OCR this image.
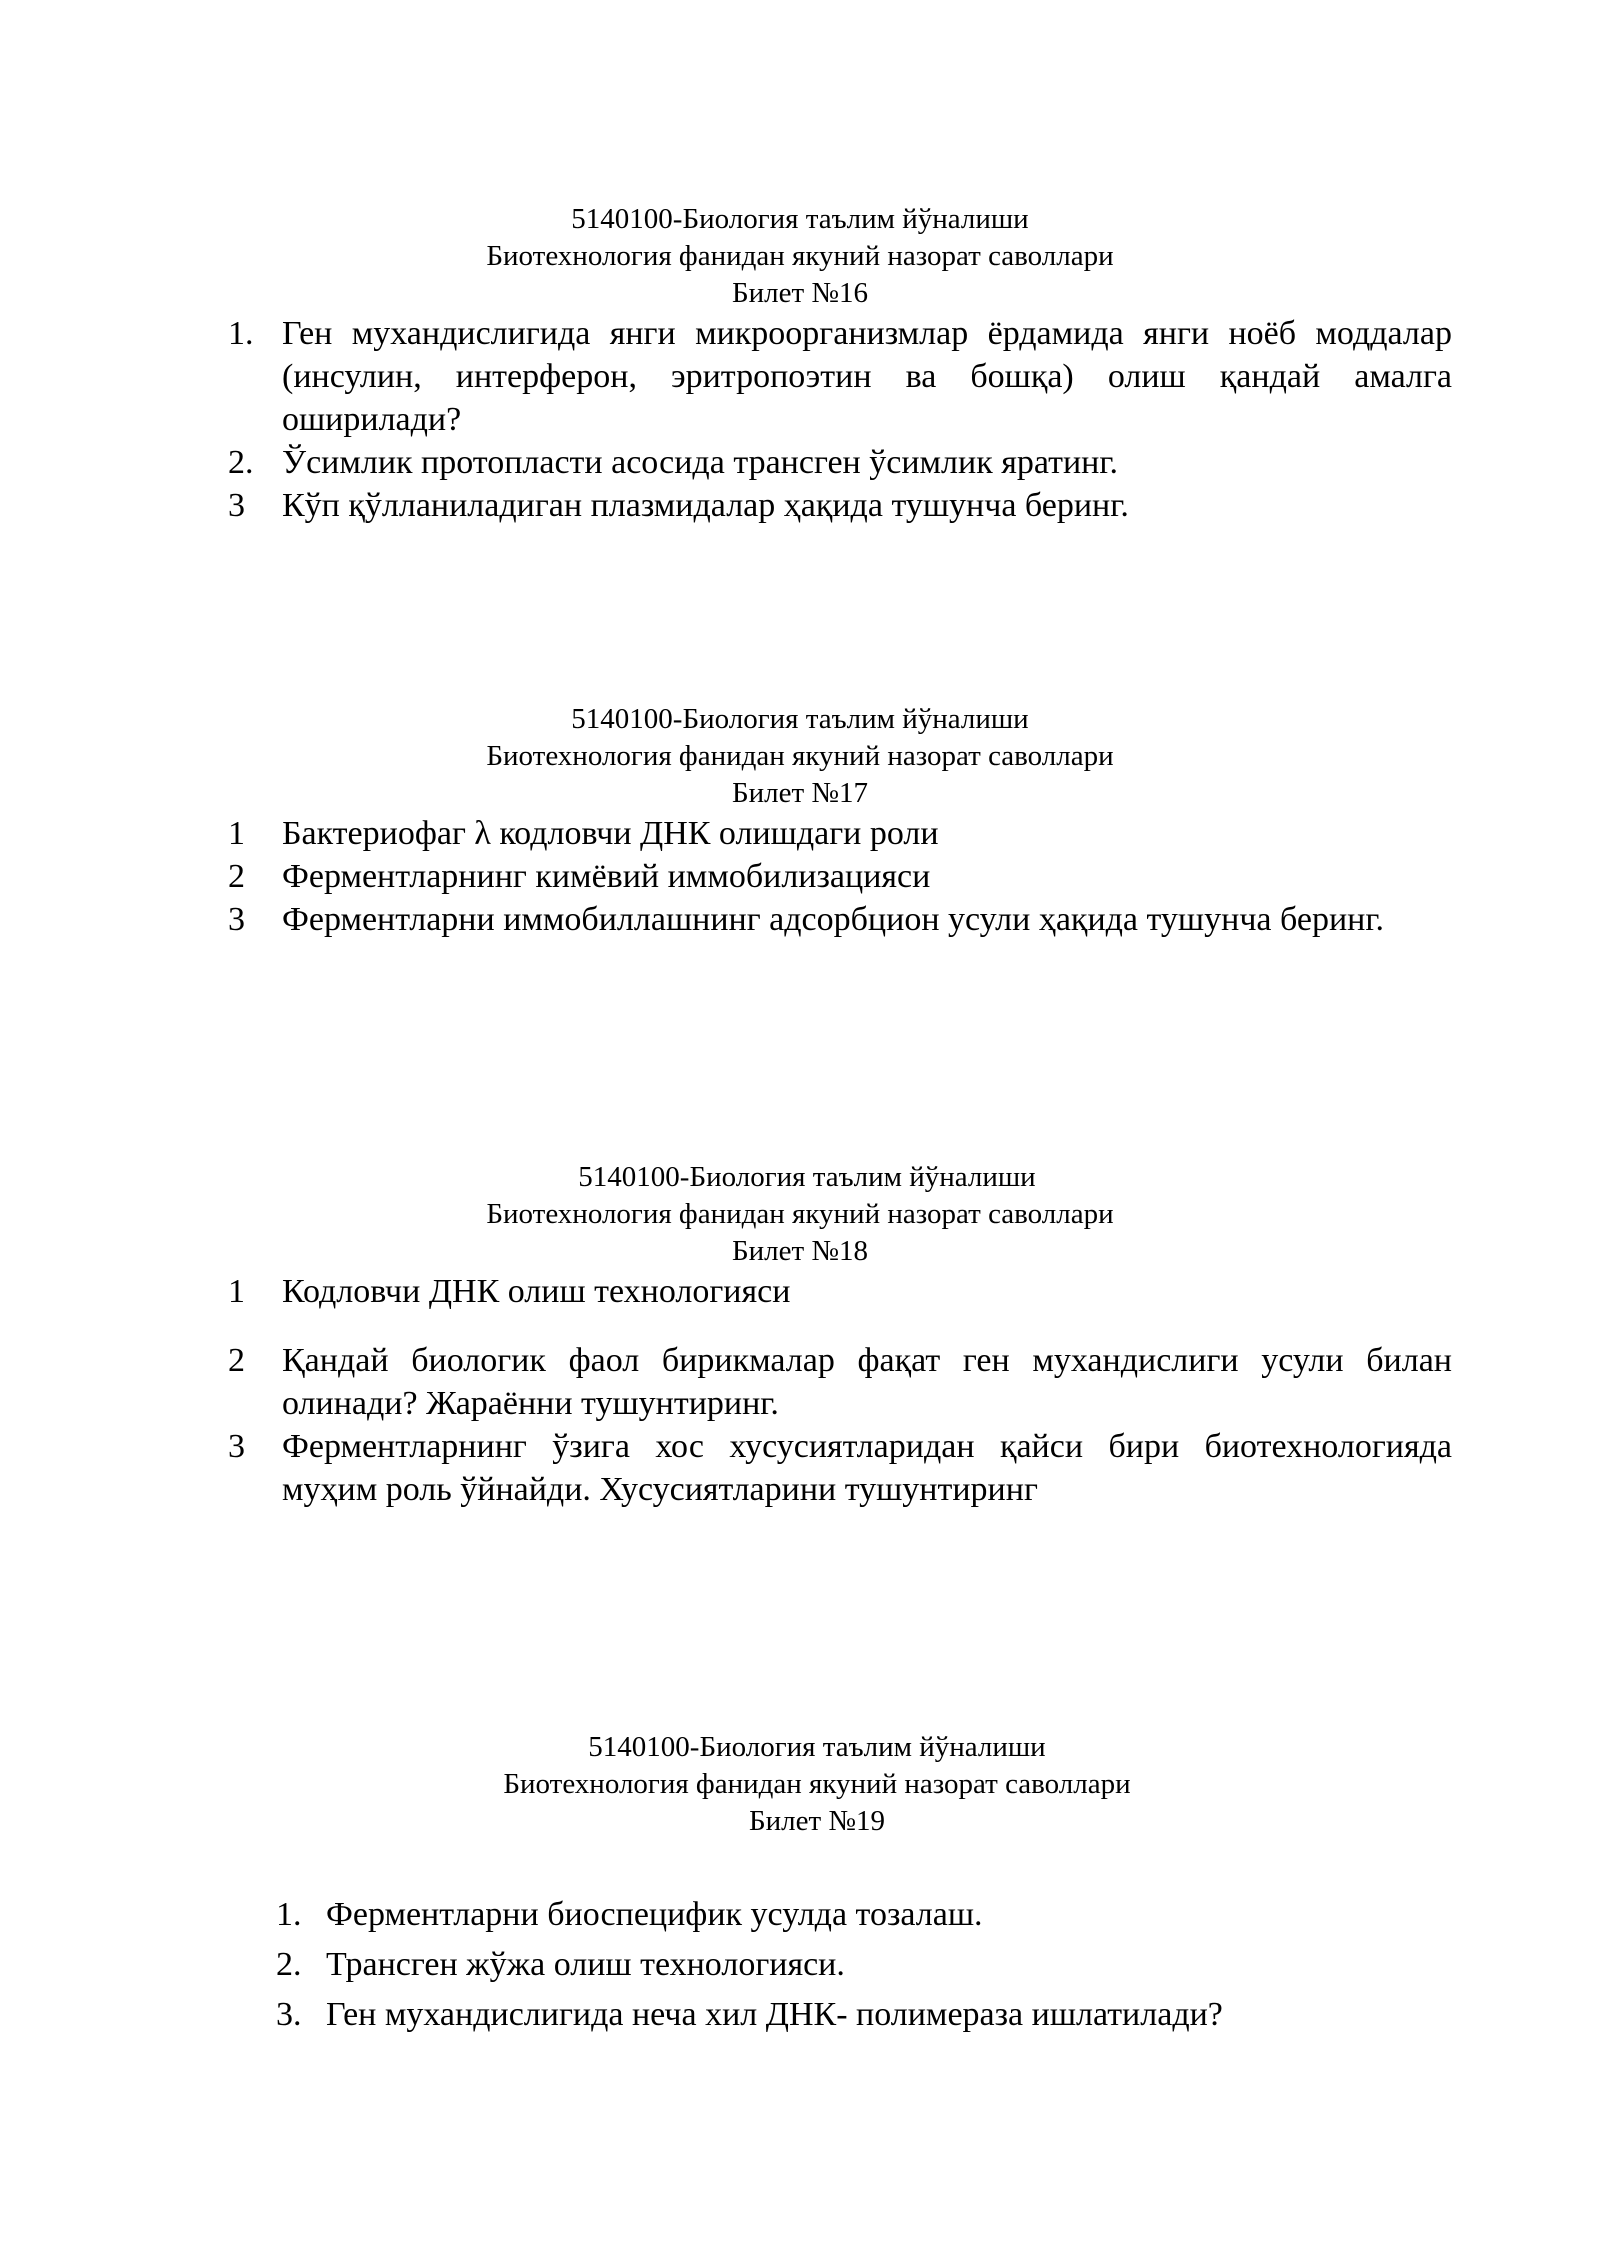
5140100-Биология таълим йўналиши
Биотехнология фанидан якуний назорат саволлари
Билет №16
1. Ген мухандислигида янги микроорганизмлар ёрдамида янги ноёб моддалар (инсулин, интерферон, эритропоэтин ва бошқа) олиш қандай амалга оширилади?
2. Ўсимлик протопласти асосида трансген ўсимлик яратинг.
3	Кўп қўлланиладиган плазмидалар ҳақида тушунча беринг.
5140100-Биология таълим йўналиши
Биотехнология фанидан якуний назорат саволлари
Билет №17
1 Бактериофаг λ кодловчи ДНК олишдаги роли
2 Ферментларнинг кимёвий иммобилизацияси
3 Ферментларни иммобиллашнинг адсорбцион усули ҳақида тушунча беринг.
5140100-Биология таълим йўналиши
Биотехнология фанидан якуний назорат саволлари
Билет №18
1 Кодловчи ДНК олиш технологияси
2 Қандай биологик фаол бирикмалар фақат ген мухандислиги усули билан олинади? Жараённи тушунтиринг.
3 Ферментларнинг ўзига хос хусусиятларидан қайси бири биотехнологияда муҳим роль ўйнайди. Хусусиятларини тушунтиринг
5140100-Биология таълим йўналиши
Биотехнология фанидан якуний назорат саволлари
Билет №19
1. Ферментларни биоспецифик усулда тозалаш.
2. Трансген жўжа олиш технологияси.
3. Ген мухандислигида неча хил ДНК- полимераза ишлатилади?
